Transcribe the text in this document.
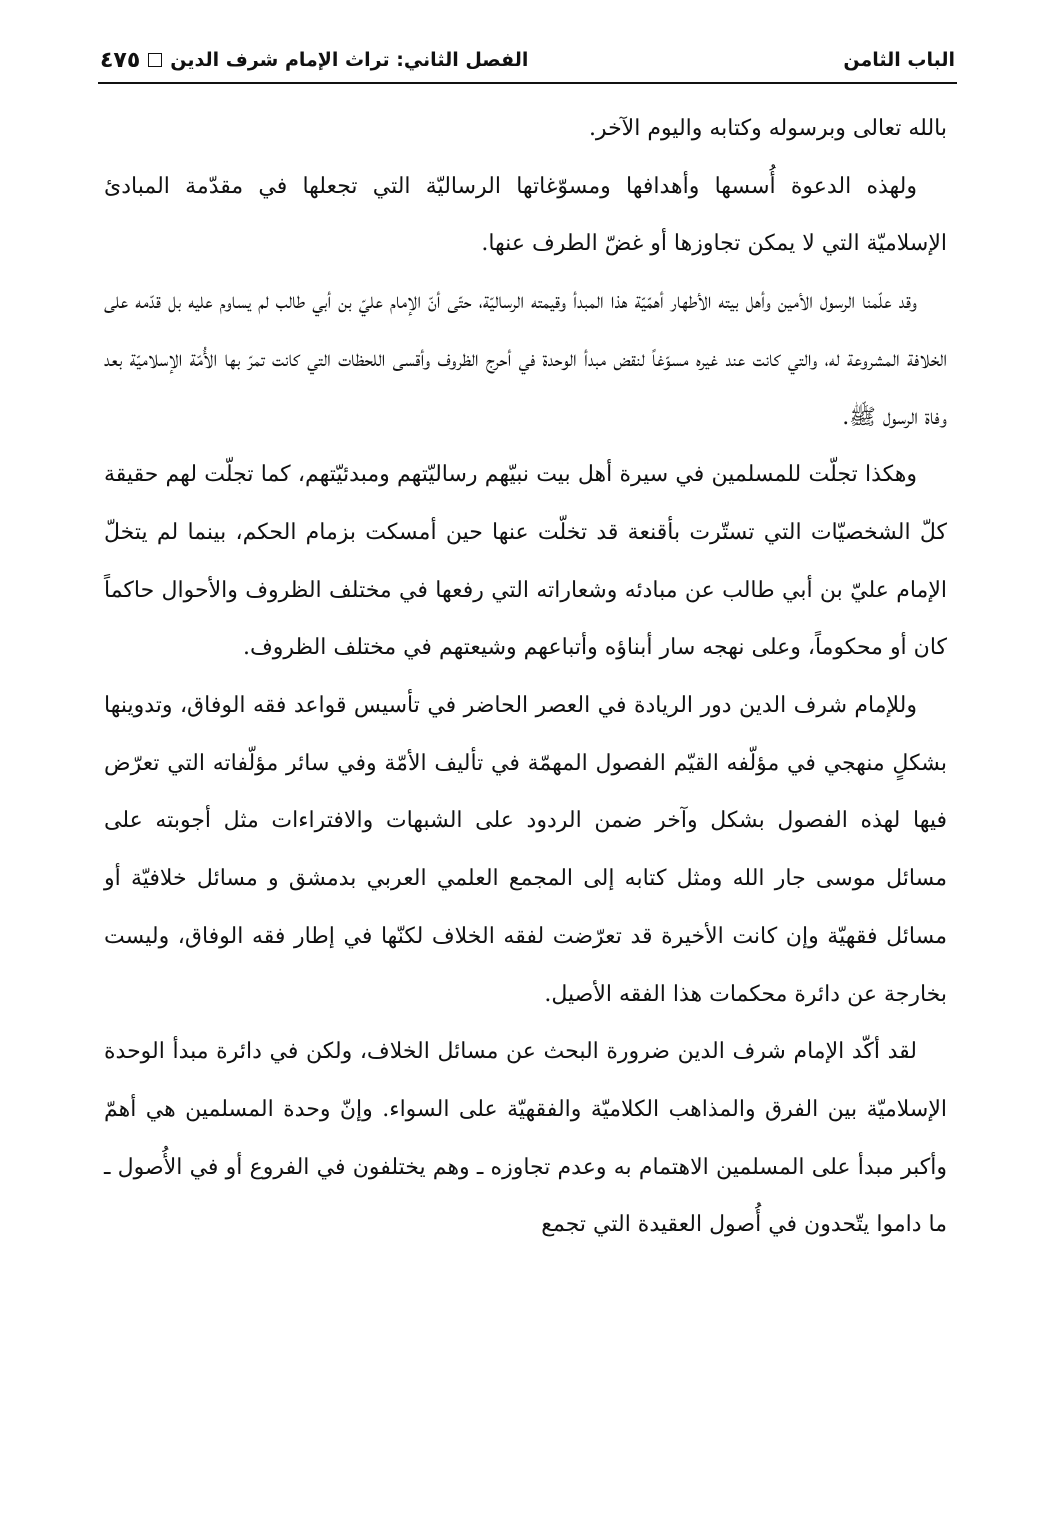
الباب الثامن
الفصل الثاني: تراث الإمام شرف الدين
٤٧٥

بالله تعالى وبرسوله وكتابه واليوم الآخر.

ولهذه الدعوة أُسسها وأهدافها ومسوّغاتها الرساليّة التي تجعلها في مقدّمة المبادئ الإسلاميّة التي لا يمكن تجاوزها أو غضّ الطرف عنها.

وقد علّمنا الرسول الأمين وأهل بيته الأطهار أهمّيّة هذا المبدأ وقيمته الرساليّة، حتّى أنّ الإمام عليّ بن أبي طالب لم يساوم عليه بل قدّمه على الخلافة المشروعة له، والتي كانت عند غيره مسوّغاً لنقض مبدأ الوحدة في أحرج الظروف وأقسى اللحظات التي كانت تمرّ بها الأُمّة الإسلاميّة بعد وفاة الرسول ﷺ.

وهكذا تجلّت للمسلمين في سيرة أهل بيت نبيّهم رساليّتهم ومبدئيّتهم، كما تجلّت لهم حقيقة كلّ الشخصيّات التي تستّرت بأقنعة قد تخلّت عنها حين أمسكت بزمام الحكم، بينما لم يتخلّ الإمام عليّ بن أبي طالب عن مبادئه وشعاراته التي رفعها في مختلف الظروف والأحوال حاكماً كان أو محكوماً، وعلى نهجه سار أبناؤه وأتباعهم وشيعتهم في مختلف الظروف.

وللإمام شرف الدين دور الريادة في العصر الحاضر في تأسيس قواعد فقه الوفاق، وتدوينها بشكلٍ منهجي في مؤلّفه القيّم الفصول المهمّة في تأليف الأمّة وفي سائر مؤلّفاته التي تعرّض فيها لهذه الفصول بشكل وآخر ضمن الردود على الشبهات والافتراءات مثل أجوبته على مسائل موسى جار الله ومثل كتابه إلى المجمع العلمي العربي بدمشق و مسائل خلافيّة أو مسائل فقهيّة وإن كانت الأخيرة قد تعرّضت لفقه الخلاف لكنّها في إطار فقه الوفاق، وليست بخارجة عن دائرة محكمات هذا الفقه الأصيل.

لقد أكّد الإمام شرف الدين ضرورة البحث عن مسائل الخلاف، ولكن في دائرة مبدأ الوحدة الإسلاميّة بين الفرق والمذاهب الكلاميّة والفقهيّة على السواء. وإنّ وحدة المسلمين هي أهمّ وأكبر مبدأ على المسلمين الاهتمام به وعدم تجاوزه ـ وهم يختلفون في الفروع أو في الأُصول ـ ما داموا يتّحدون في أُصول العقيدة التي تجمع
